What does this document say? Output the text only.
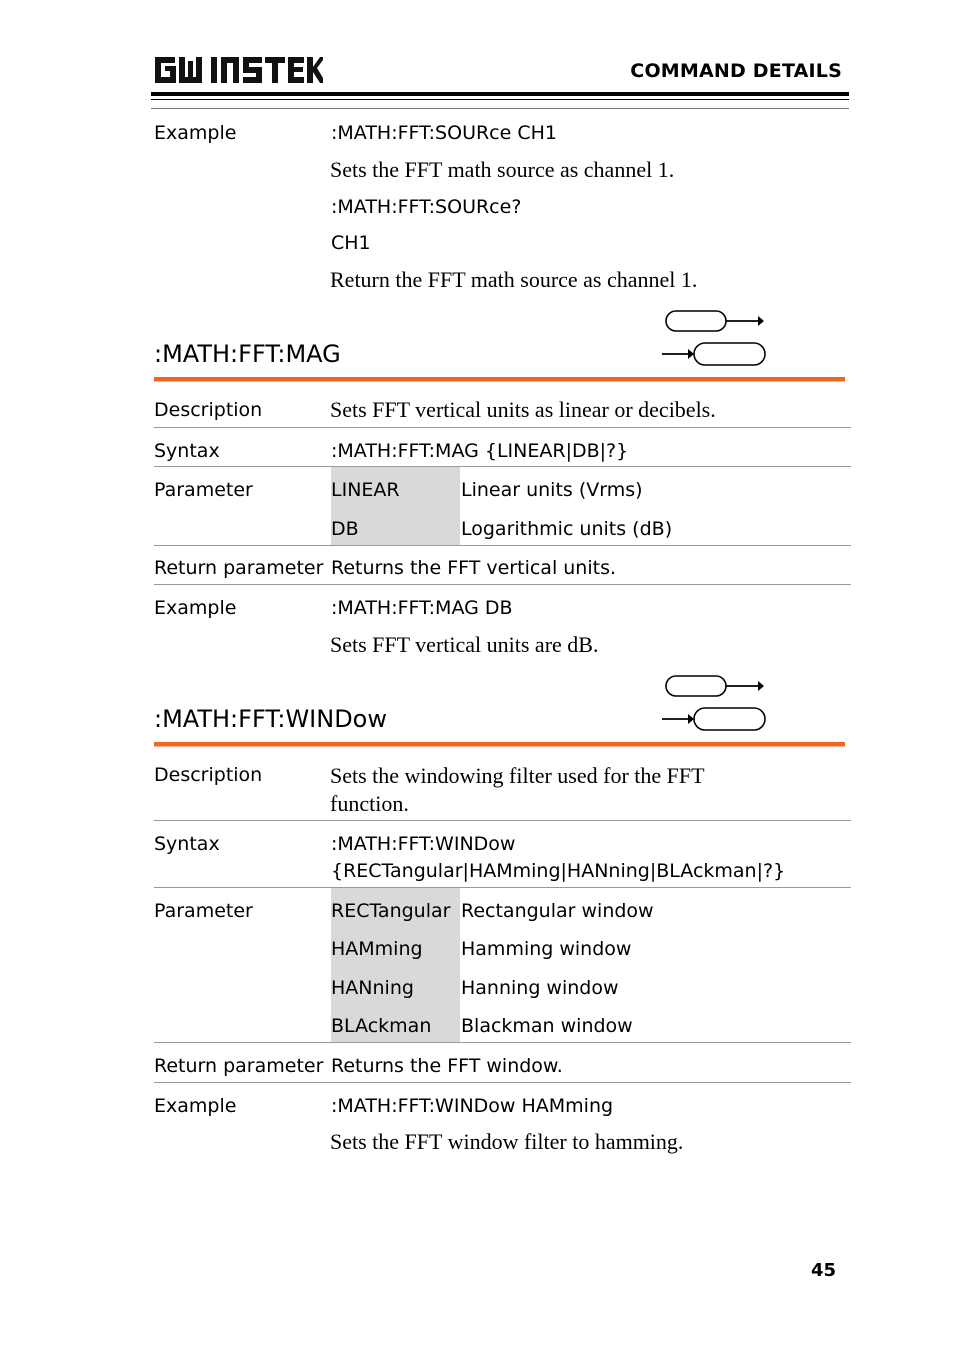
COMMAND DETAILS
Example	:MATH:FFT:SOURce CH1
Sets the FFT math source as channel 1.
:MATH:FFT:SOURce?
CH1
Return the FFT math source as channel 1.
:MATH:FFT:MAG
Description	Sets FFT vertical units as linear or decibels.
Syntax	:MATH:FFT:MAG {LINEAR|DB|?}
Parameter	LINEAR	Linear units (Vrms)
DB	Logarithmic units (dB)
Return parameter Returns the FFT vertical units.
Example	:MATH:FFT:MAG DB
Sets FFT vertical units are dB.
:MATH:FFT:WINDow
Description	Sets the windowing filter used for the FFT
function.
Syntax	:MATH:FFT:WINDow
{RECTangular|HAMming|HANning|BLAckman|?}
Parameter	RECTangular Rectangular window
HAMming Hamming window
HANning Hanning window
BLAckman Blackman window
Return parameter Returns the FFT window.
Example	:MATH:FFT:WINDow HAMming
Sets the FFT window filter to hamming.
45
